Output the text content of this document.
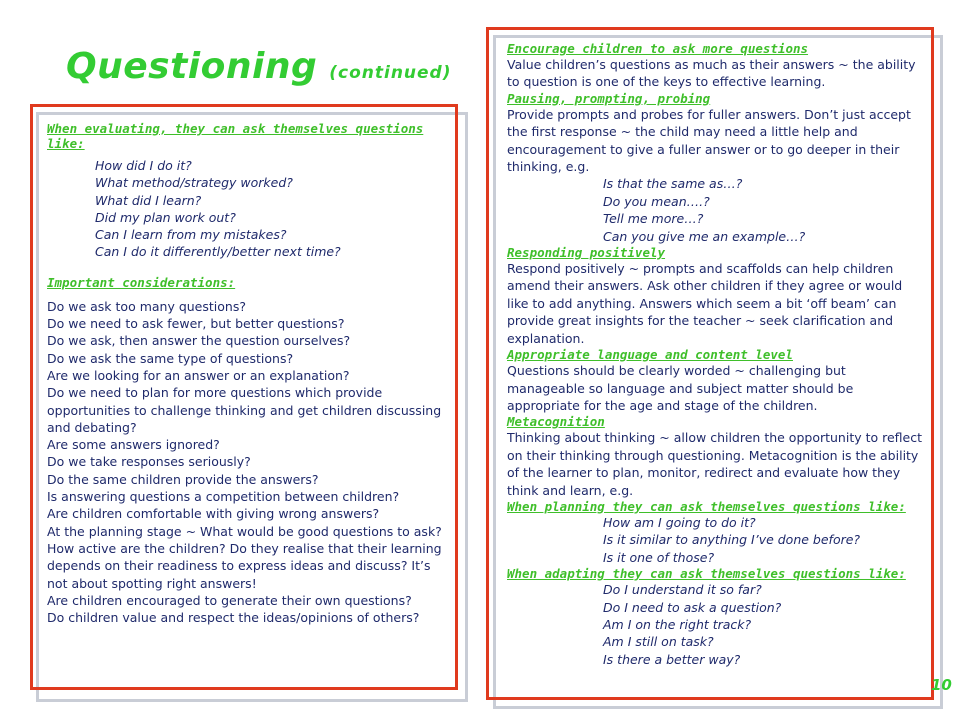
Questioning (continued)
When evaluating, they can ask themselves questions like:
How did I do it?
What method/strategy worked?
What did I learn?
Did my plan work out?
Can I learn from my mistakes?
Can I do it differently/better next time?
Important considerations:
Do we ask too many questions?
Do we need to ask fewer, but better questions?
Do we ask, then answer the question ourselves?
Do we ask the same type of questions?
Are we looking for an answer or an explanation?
Do we need to plan for more questions which provide opportunities to challenge thinking and get children discussing and debating?
Are some answers ignored?
Do we take responses seriously?
Do the same children provide the answers?
Is answering questions a competition between children?
Are children comfortable with giving wrong answers?
At the planning stage ~ What would be good questions to ask?
How active are the children? Do they realise that their learning depends on their readiness to express ideas and discuss? It’s not about spotting right answers!
Are children encouraged to generate their own questions?
Do children value and respect the ideas/opinions of others?
Encourage children to ask more questions
Value children’s questions as much as their answers ~ the ability to question is one of the keys to effective learning.
Pausing, prompting, probing
Provide prompts and probes for fuller answers. Don’t just accept the first response ~ the child may need a little help and encouragement to give a fuller answer or to go deeper in their thinking, e.g.
Is that the same as…?
Do you mean….?
Tell me more…?
Can you give me an example…?
Responding positively
Respond positively ~ prompts and scaffolds can help children amend their answers. Ask other children if they agree or would like to add anything. Answers which seem a bit ‘off beam’ can provide great insights for the teacher ~ seek clarification and explanation.
Appropriate language and content level
Questions should be clearly worded ~ challenging but manageable so language and subject matter should be appropriate for the age and stage of the children.
Metacognition
Thinking about thinking ~ allow children the opportunity to reflect on their thinking through questioning. Metacognition is the ability of the learner to plan, monitor, redirect and evaluate how they think and learn, e.g.
When planning they can ask themselves questions like:
How am I going to do it?
Is it similar to anything I’ve done before?
Is it one of those?
When adapting they can ask themselves questions like:
Do I understand it so far?
Do I need to ask a question?
Am I on the right track?
Am I still on task?
Is there a better way?
10
